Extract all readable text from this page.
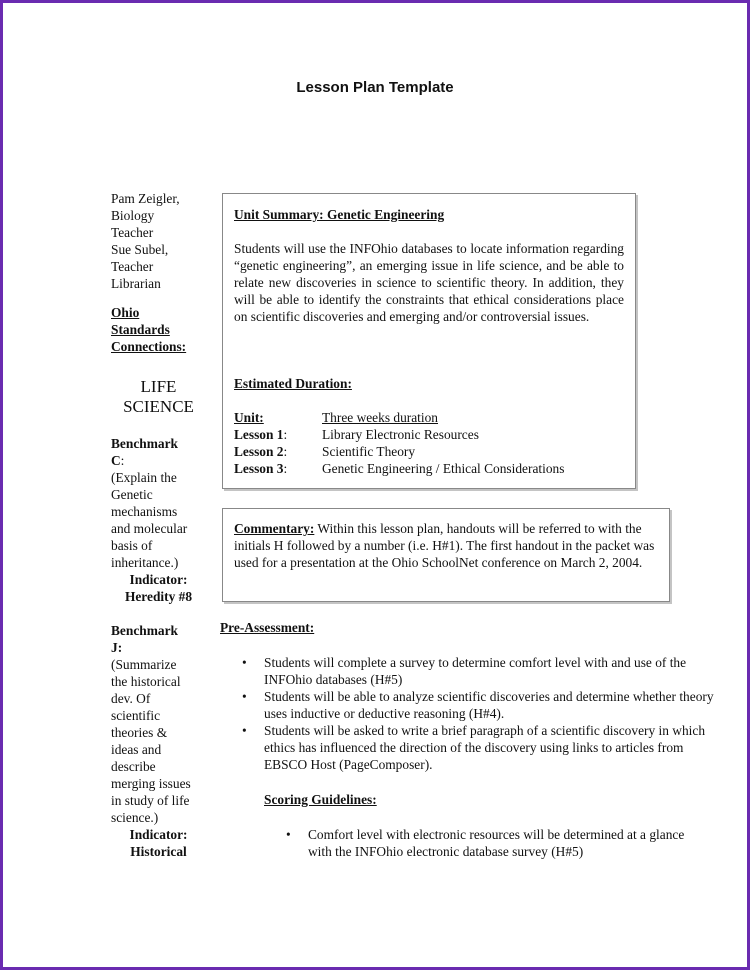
Lesson Plan Template
Pam Zeigler,
Biology
Teacher
Sue Subel,
Teacher
Librarian
Ohio
Standards
Connections:
LIFE
SCIENCE
Benchmark
C:
(Explain the
Genetic
mechanisms
and molecular
basis of
inheritance.)
Indicator:
Heredity #8
Benchmark
J:
(Summarize
the historical
dev. Of
scientific
theories &
ideas and
describe
merging issues
in study of life
science.)
Indicator:
Historical
Unit Summary: Genetic Engineering
Students will use the INFOhio databases to locate information regarding “genetic engineering”, an emerging issue in life science, and be able to relate new discoveries in science to scientific theory. In addition, they will be able to identify the constraints that ethical considerations place on scientific discoveries and emerging and/or controversial issues.
Estimated Duration:
Unit:	Three weeks duration
Lesson 1:	Library Electronic Resources
Lesson 2:	Scientific Theory
Lesson 3:	Genetic Engineering / Ethical Considerations
Commentary: Within this lesson plan, handouts will be referred to with the initials H followed by a number (i.e. H#1). The first handout in the packet was used for a presentation at the Ohio SchoolNet conference on March 2, 2004.
Pre-Assessment:
• Students will complete a survey to determine comfort level with and use of the INFOhio databases (H#5)
• Students will be able to analyze scientific discoveries and determine whether theory uses inductive or deductive reasoning (H#4).
• Students will be asked to write a brief paragraph of a scientific discovery in which ethics has influenced the direction of the discovery using links to articles from EBSCO Host (PageComposer).
Scoring Guidelines:
• Comfort level with electronic resources will be determined at a glance with the INFOhio electronic database survey (H#5)
